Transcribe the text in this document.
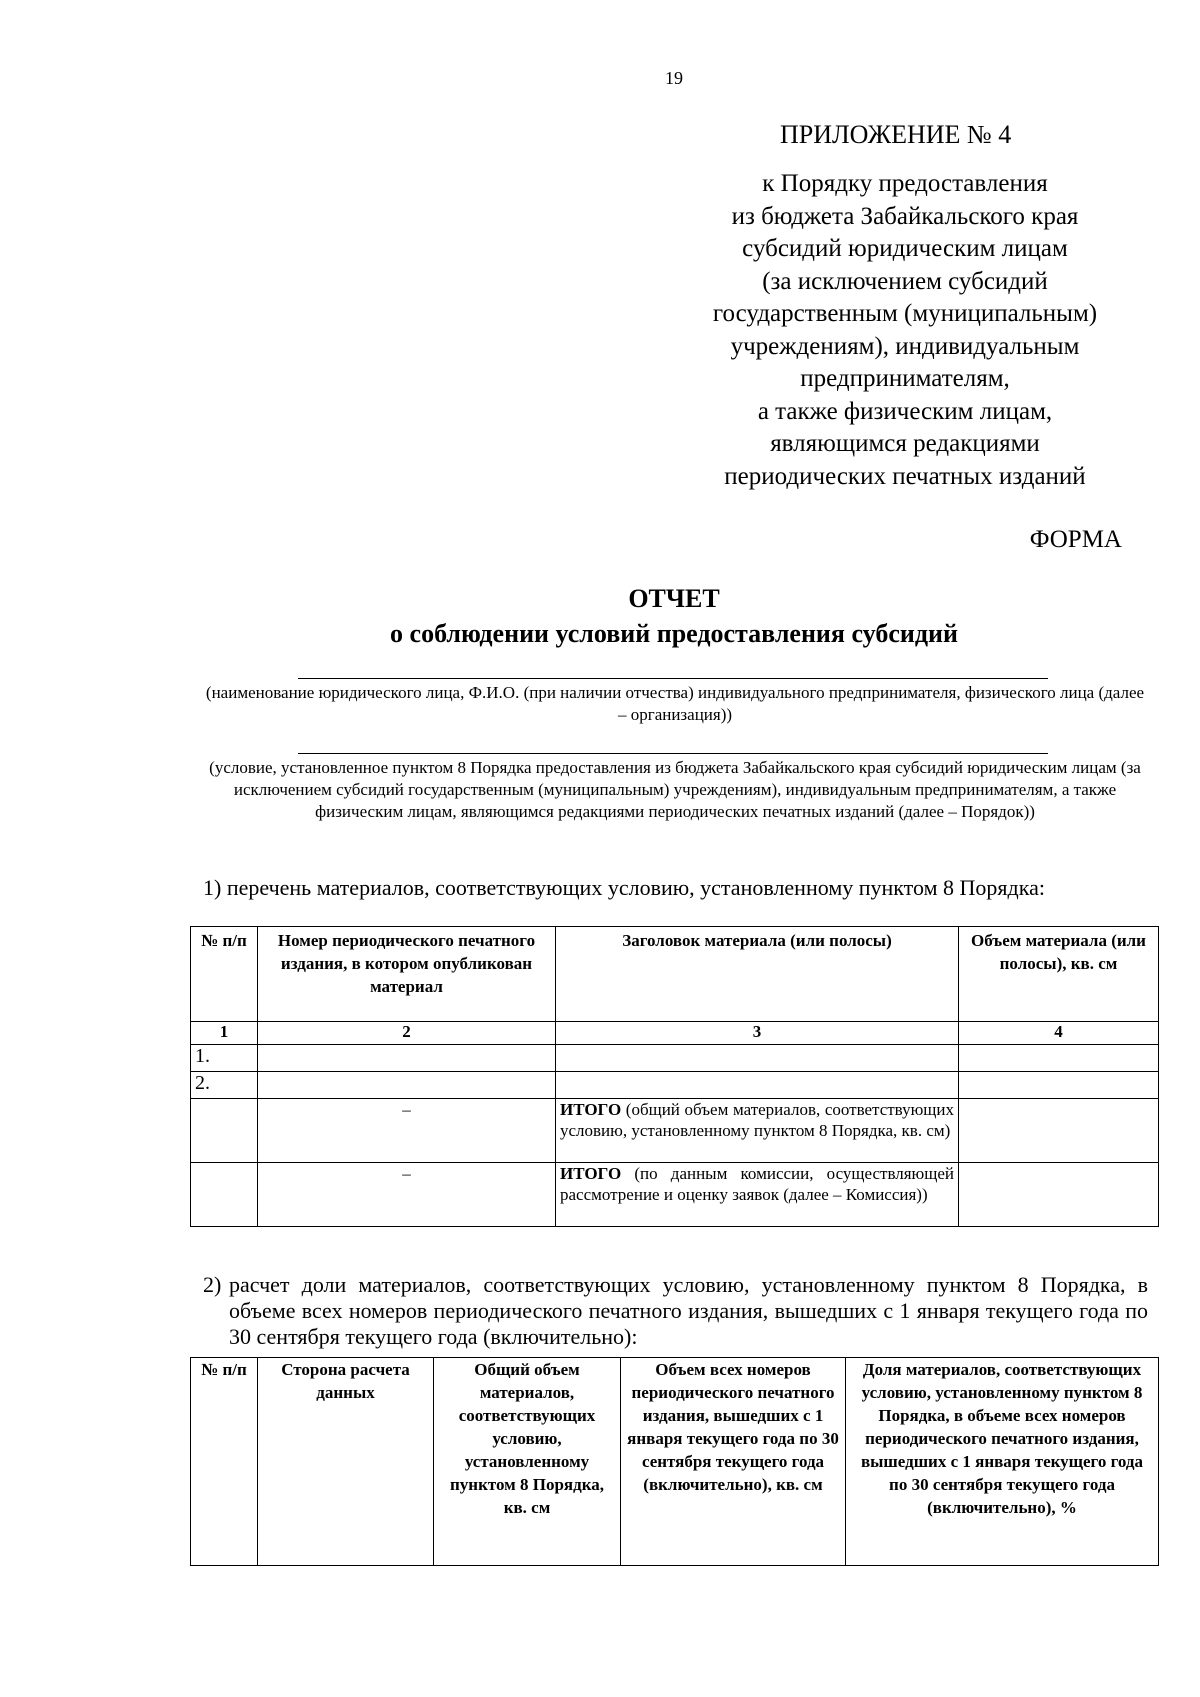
19
ПРИЛОЖЕНИЕ № 4
к Порядку предоставления
из бюджета Забайкальского края
субсидий юридическим лицам
(за исключением субсидий
государственным (муниципальным)
учреждениям), индивидуальным
предпринимателям,
а также физическим лицам,
являющимся редакциями
периодических печатных изданий
ФОРМА
ОТЧЕТ
о соблюдении условий предоставления субсидий
(наименование юридического лица, Ф.И.О. (при наличии отчества) индивидуального предпринимателя, физического лица (далее – организация))
(условие, установленное пунктом 8 Порядка предоставления из бюджета Забайкальского края субсидий юридическим лицам (за исключением субсидий государственным (муниципальным) учреждениям), индивидуальным предпринимателям, а также физическим лицам, являющимся редакциями периодических печатных изданий (далее – Порядок))
1) перечень материалов, соответствующих условию, установленному пунктом 8 Порядка:
№ п/п	Номер периодического печатного издания, в котором опубликован материал	Заголовок материала (или полосы)	Объем материала (или полосы), кв. см
1	2	3	4
1.			
2.			
	–	ИТОГО (общий объем материалов, соответствующих условию, установленному пунктом 8 Порядка, кв. см)	
	–	ИТОГО (по данным комиссии, осуществляющей рассмотрение и оценку заявок (далее – Комиссия))	
2) расчет доли материалов, соответствующих условию, установленному пунктом 8 Порядка, в объеме всех номеров периодического печатного издания, вышедших с 1 января текущего года по 30 сентября текущего года (включительно):
№ п/п	Сторона расчета данных	Общий объем материалов, соответствующих условию, установленному пунктом 8 Порядка, кв. см	Объем всех номеров периодического печатного издания, вышедших с 1 января текущего года по 30 сентября текущего года (включительно), кв. см	Доля материалов, соответствующих условию, установленному пунктом 8 Порядка, в объеме всех номеров периодического печатного издания, вышедших с 1 января текущего года по 30 сентября текущего года (включительно), %
